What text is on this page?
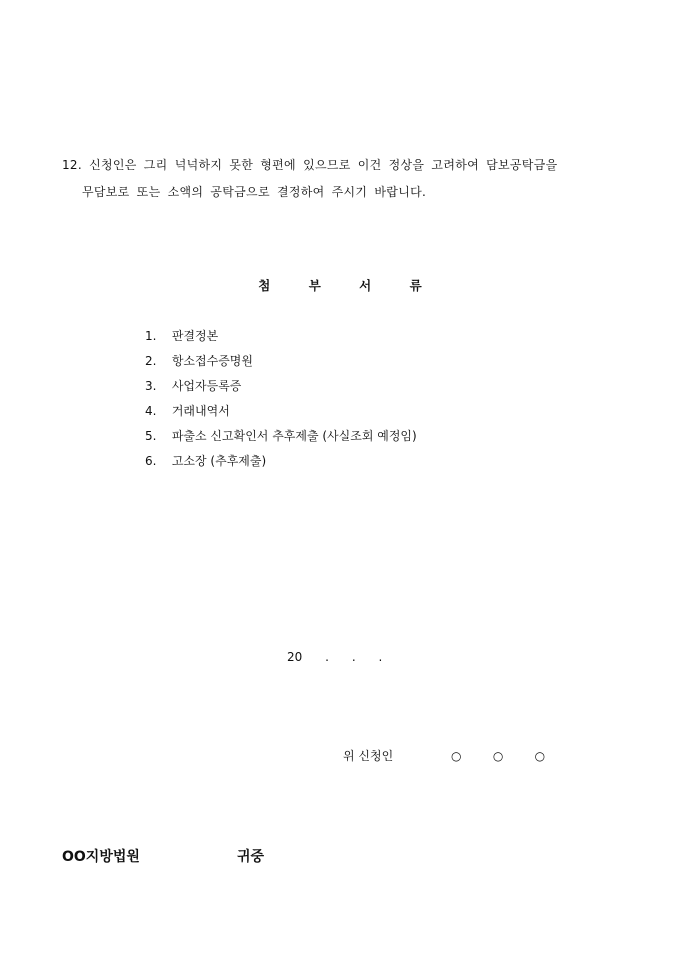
12. 신청인은 그리 넉넉하지 못한 형편에 있으므로 이건 정상을 고려하여 담보공탁금을
무담보로 또는 소액의 공탁금으로 결정하여 주시기 바랍니다.
첨	부	서	류
1. 판결정본
2. 항소접수증명원
3. 사업자등록증
4. 거래내역서
5. 파출소 신고확인서 추후제출 (사실조회 예정임)
6. 고소장 (추후제출)
20      .      .      .
위 신청인	○	○	○
OO지방법원	귀중
